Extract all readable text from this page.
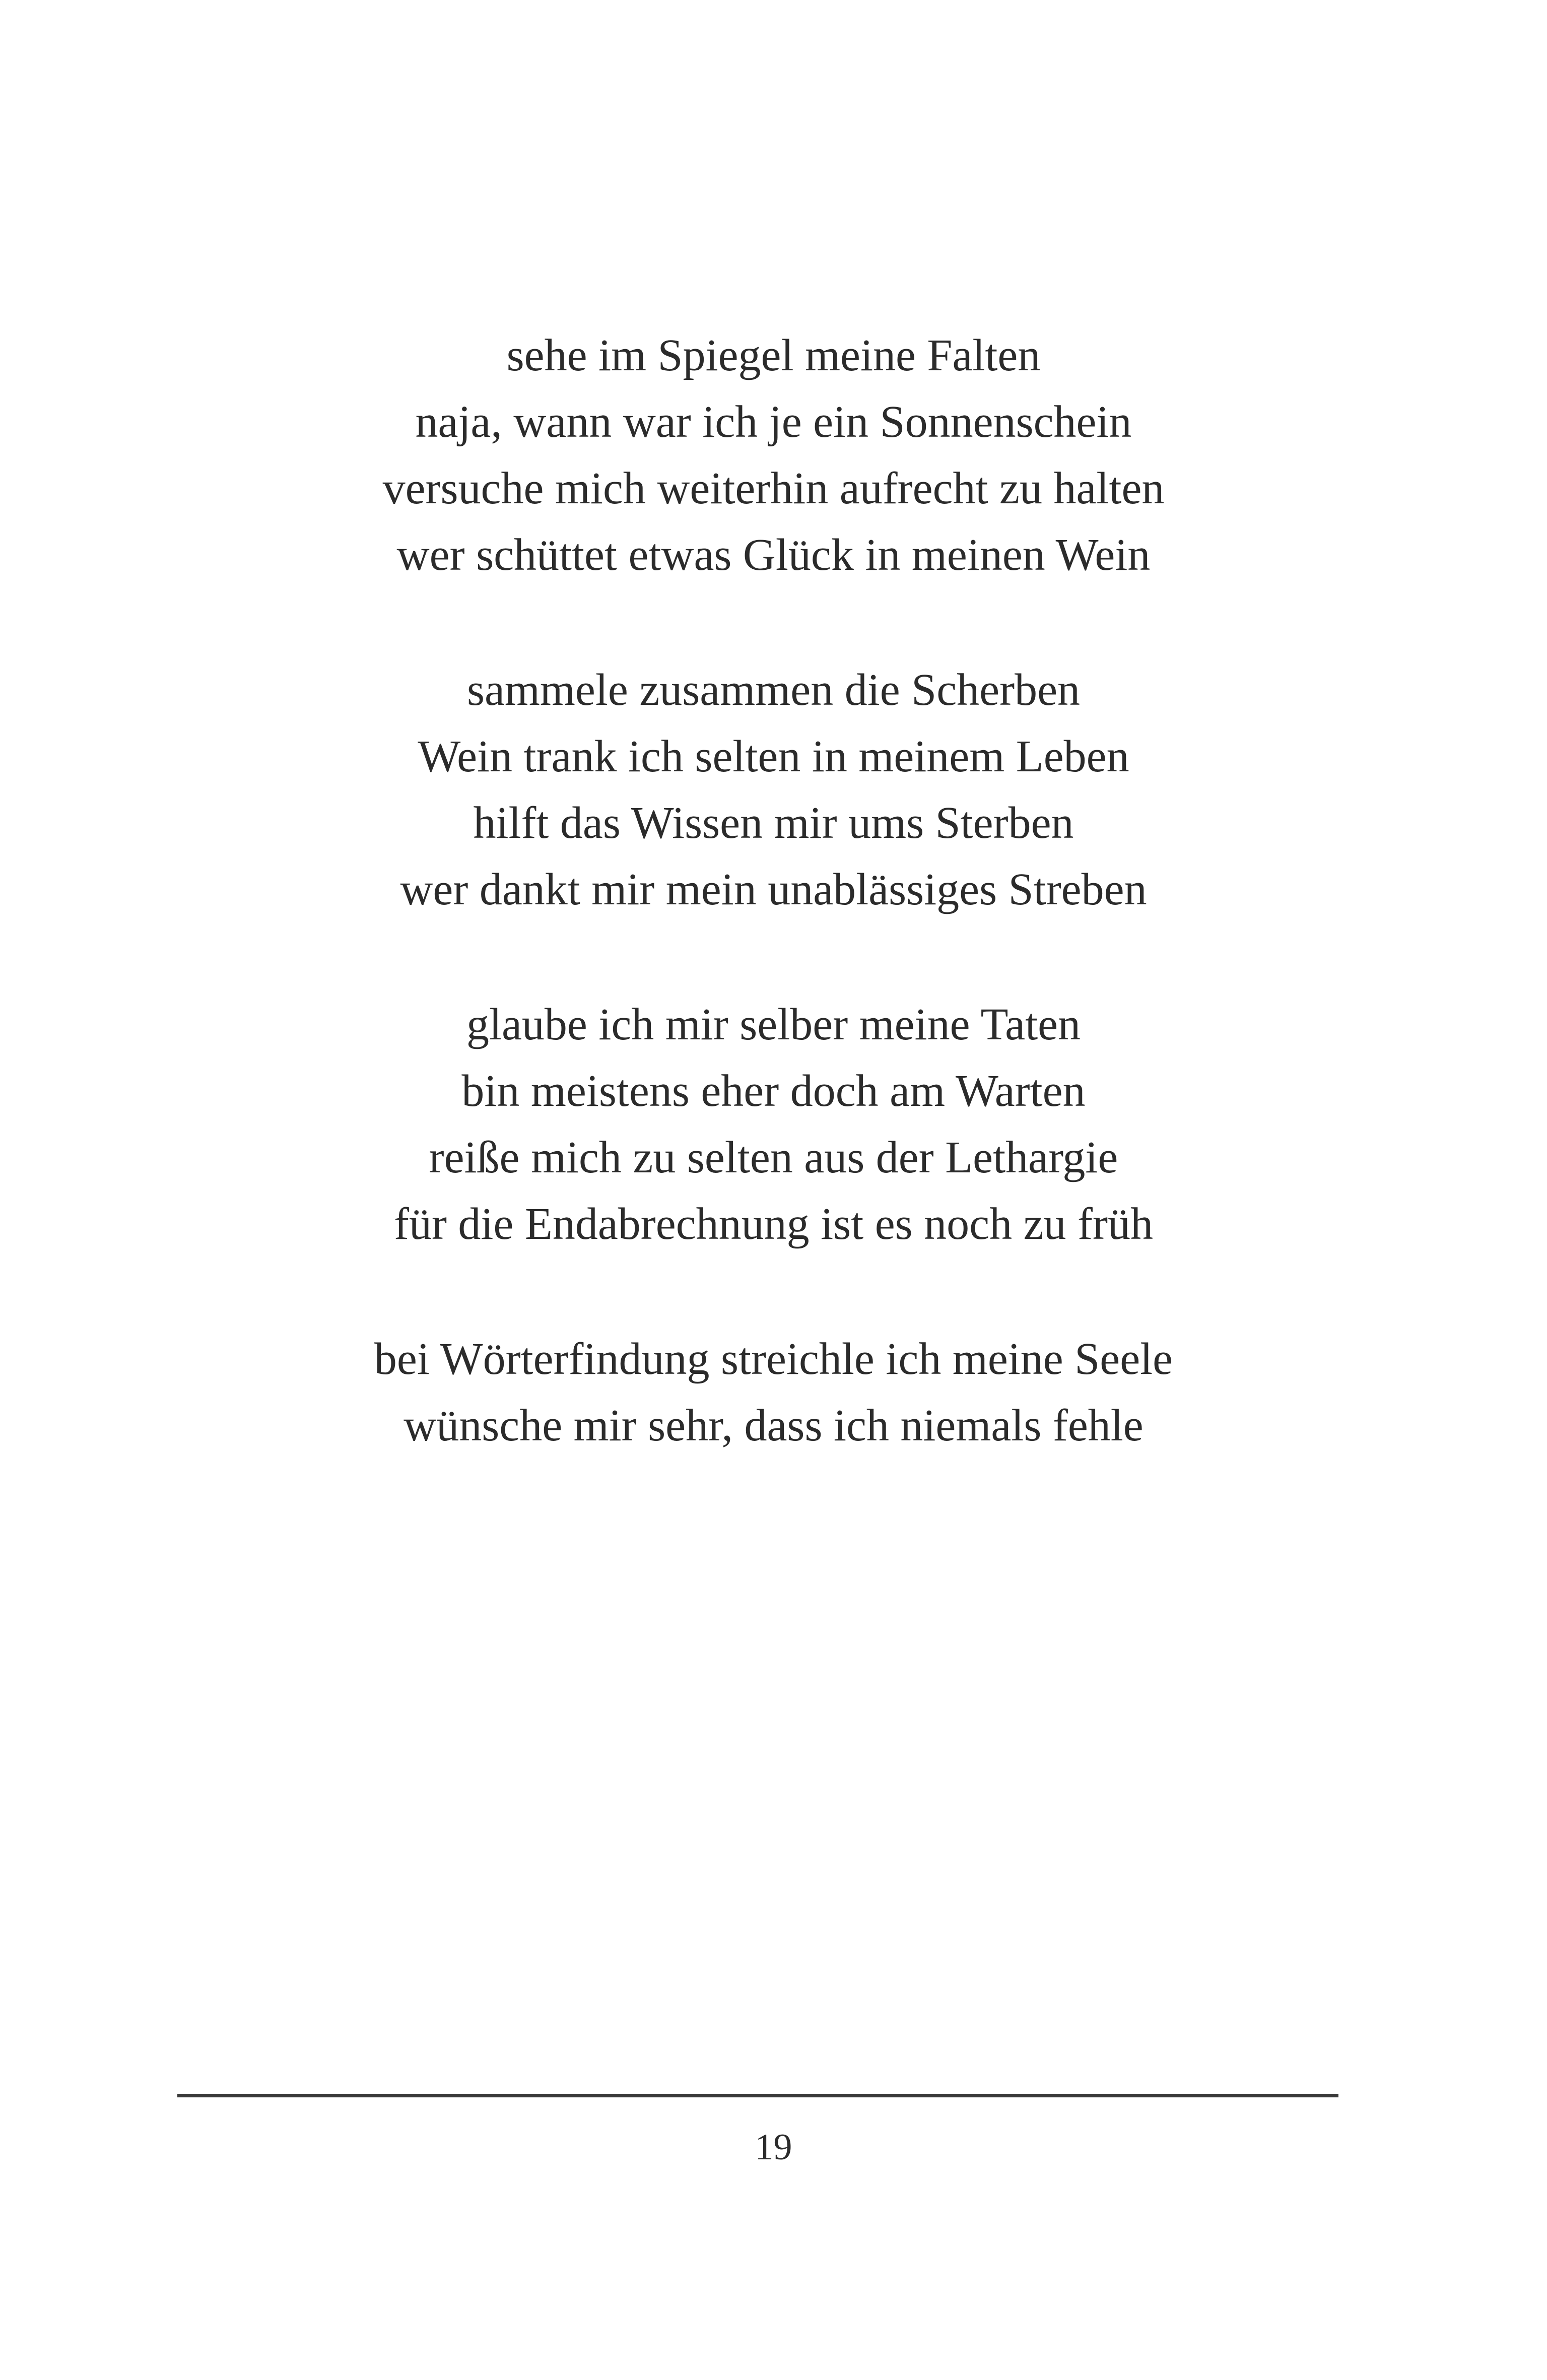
sehe im Spiegel meine Falten
naja, wann war ich je ein Sonnenschein
versuche mich weiterhin aufrecht zu halten
wer schüttet etwas Glück in meinen Wein
sammele zusammen die Scherben
Wein trank ich selten in meinem Leben
hilft das Wissen mir ums Sterben
wer dankt mir mein unablässiges Streben
glaube ich mir selber meine Taten
bin meistens eher doch am Warten
reiße mich zu selten aus der Lethargie
für die Endabrechnung ist es noch zu früh
bei Wörterfindung streichle ich meine Seele
wünsche mir sehr, dass ich niemals fehle
19
